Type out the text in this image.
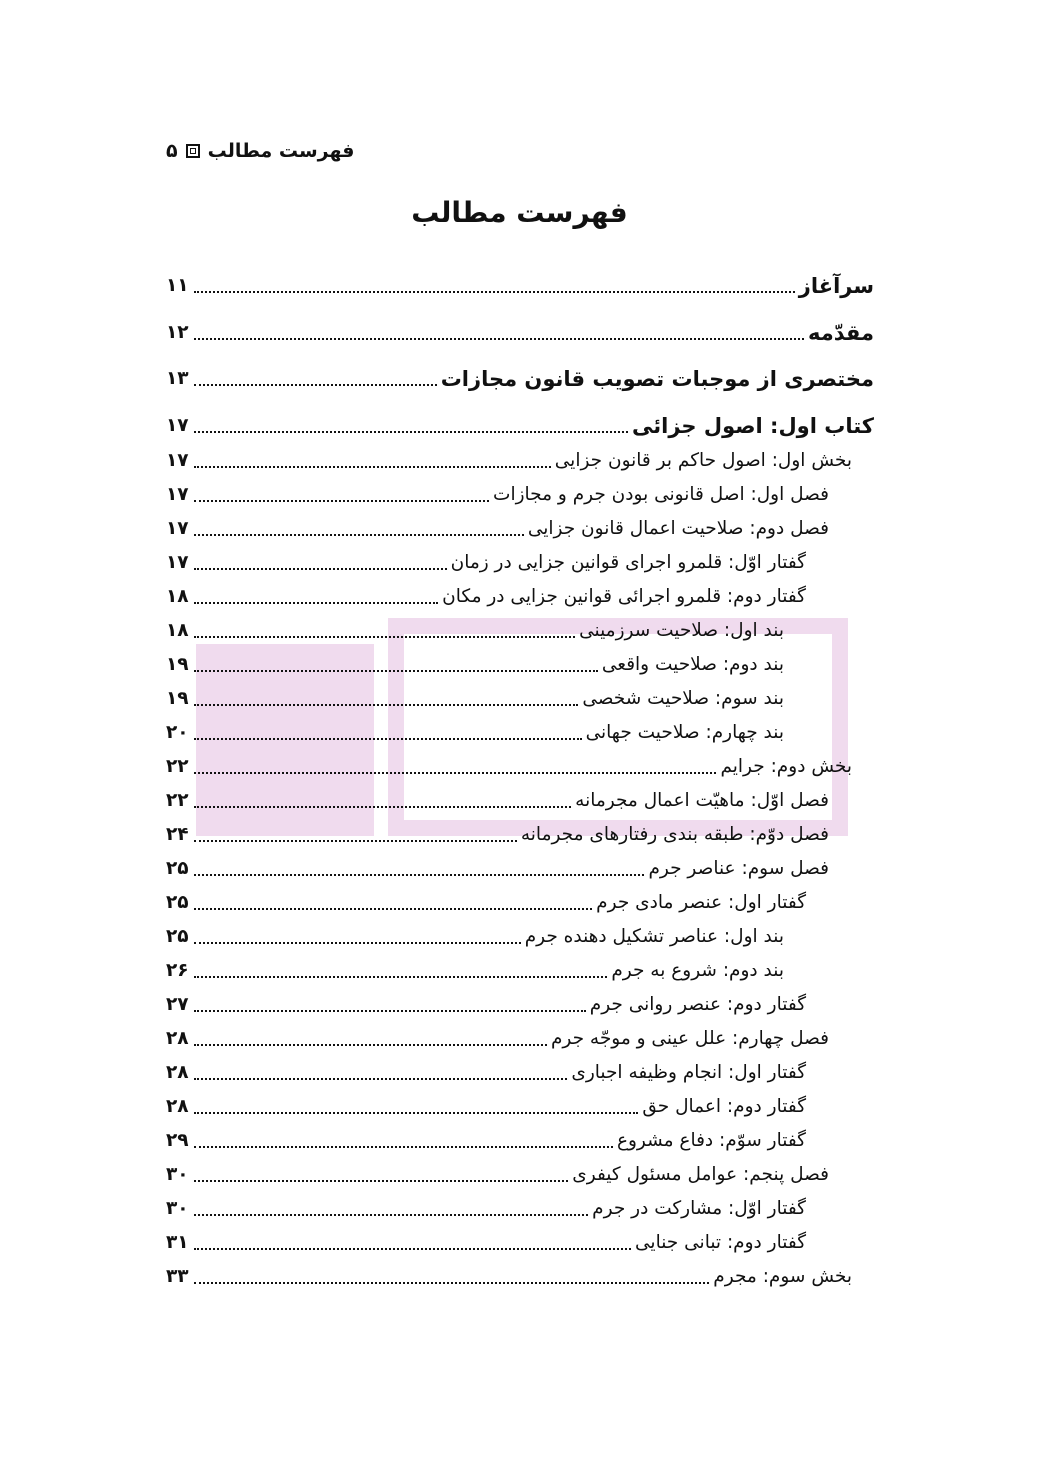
۵ فهرست مطالب
فهرست مطالب
سرآغاز
۱۱
مقدّمه
۱۲
مختصری از موجبات تصویب قانون مجازات
۱۳
کتاب اول: اصول جزائی
۱۷
بخش اول: اصول حاکم بر قانون جزایی
۱۷
فصل اول: اصل قانونی بودن جرم و مجازات
۱۷
فصل دوم: صلاحیت اعمال قانون جزایی
۱۷
گفتار اوّل: قلمرو اجرای قوانین جزایی در زمان
۱۷
گفتار دوم: قلمرو اجرائی قوانین جزایی در مکان
۱۸
بند اول: صلاحیت سرزمینی
۱۸
بند دوم: صلاحیت واقعی
۱۹
بند سوم: صلاحیت شخصی
۱۹
بند چهارم: صلاحیت جهانی
۲۰
بخش دوم: جرایم
۲۲
فصل اوّل: ماهیّت اعمال مجرمانه
۲۲
فصل دوّم: طبقه بندی رفتارهای مجرمانه
۲۴
فصل سوم: عناصر جرم
۲۵
گفتار اول: عنصر مادی جرم
۲۵
بند اول: عناصر تشکیل دهنده جرم
۲۵
بند دوم: شروع به جرم
۲۶
گفتار دوم: عنصر روانی جرم
۲۷
فصل چهارم: علل عینی و موجّه جرم
۲۸
گفتار اول: انجام وظیفه اجباری
۲۸
گفتار دوم: اعمال حق
۲۸
گفتار سوّم: دفاع مشروع
۲۹
فصل پنجم: عوامل مسئول کیفری
۳۰
گفتار اوّل: مشارکت در جرم
۳۰
گفتار دوم: تبانی جنایی
۳۱
بخش سوم: مجرم
۳۳
